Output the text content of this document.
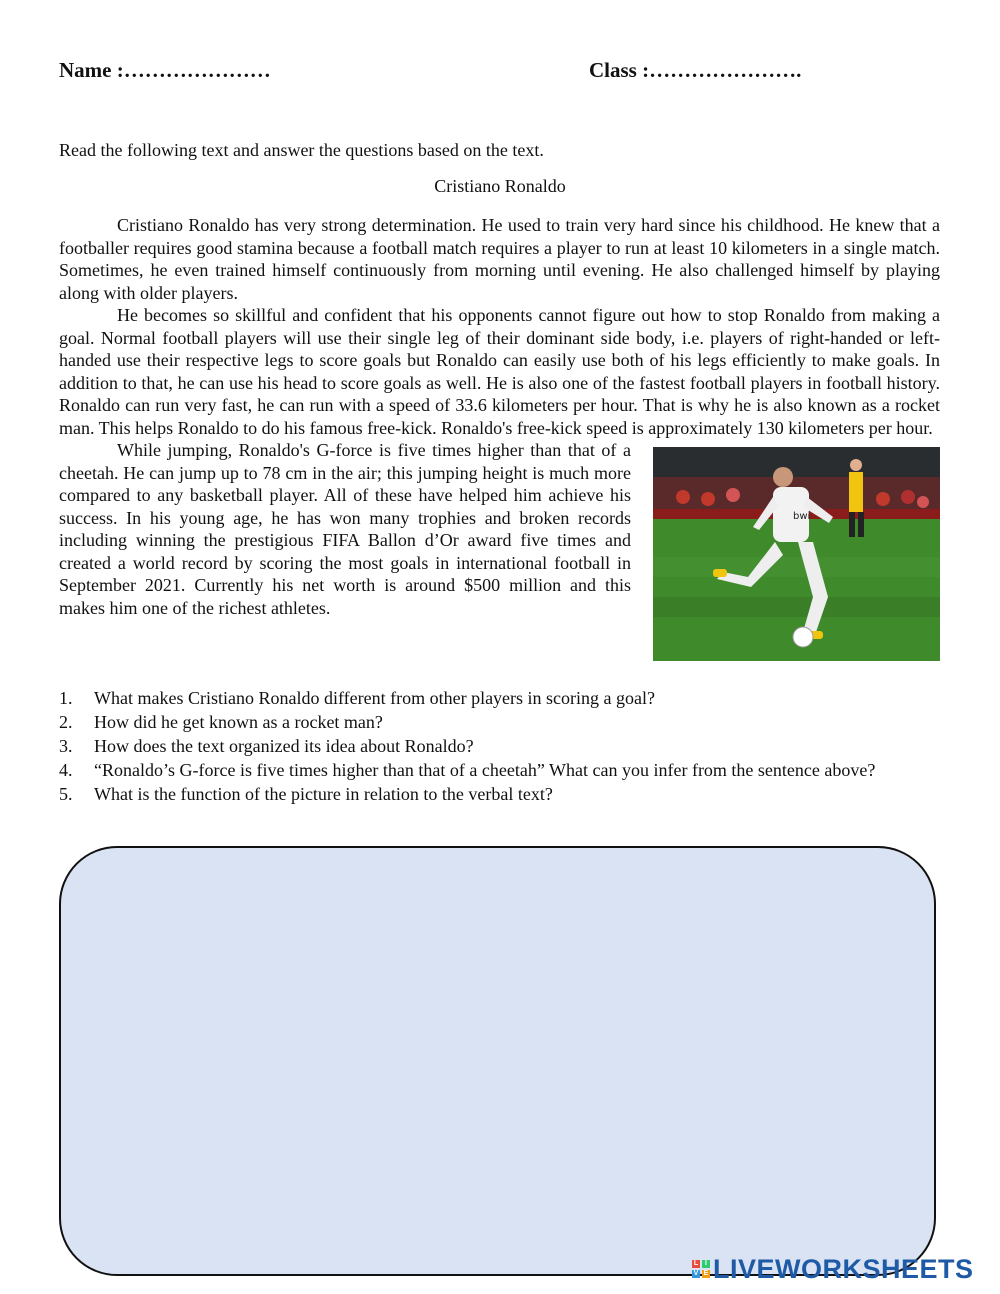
Name :…………………	Class :………………….
Read the following text and answer the questions based on the text.
Cristiano Ronaldo

Cristiano Ronaldo has very strong determination. He used to train very hard since his childhood. He knew that a footballer requires good stamina because a football match requires a player to run at least 10 kilometers in a single match. Sometimes, he even trained himself continuously from morning until evening. He also challenged himself by playing along with older players.

He becomes so skillful and confident that his opponents cannot figure out how to stop Ronaldo from making a goal. Normal football players will use their single leg of their dominant side body, i.e. players of right-handed or left-handed use their respective legs to score goals but Ronaldo can easily use both of his legs efficiently to make goals. In addition to that, he can use his head to score goals as well. He is also one of the fastest football players in football history. Ronaldo can run very fast, he can run with a speed of 33.6 kilometers per hour. That is why he is also known as a rocket man. This helps Ronaldo to do his famous free-kick. Ronaldo's free-kick speed is approximately 130 kilometers per hour.

bwi

While jumping, Ronaldo's G-force is five times higher than that of a cheetah. He can jump up to 78 cm in the air; this jumping height is much more compared to any basketball player. All of these have helped him achieve his success. In his young age, he has won many trophies and broken records including winning the prestigious FIFA Ballon d’Or award five times and created a world record by scoring the most goals in international football in September 2021. Currently his net worth is around $500 million and this makes him one of the richest athletes.

1. What makes Cristiano Ronaldo different from other players in scoring a goal?
2. How did he get known as a rocket man?
3. How does the text organized its idea about Ronaldo?
4. “Ronaldo’s G-force is five times higher than that of a cheetah” What can you infer from the sentence above?
5. What is the function of the picture in relation to the verbal text?
L I
V E LIVEWORKSHEETS
